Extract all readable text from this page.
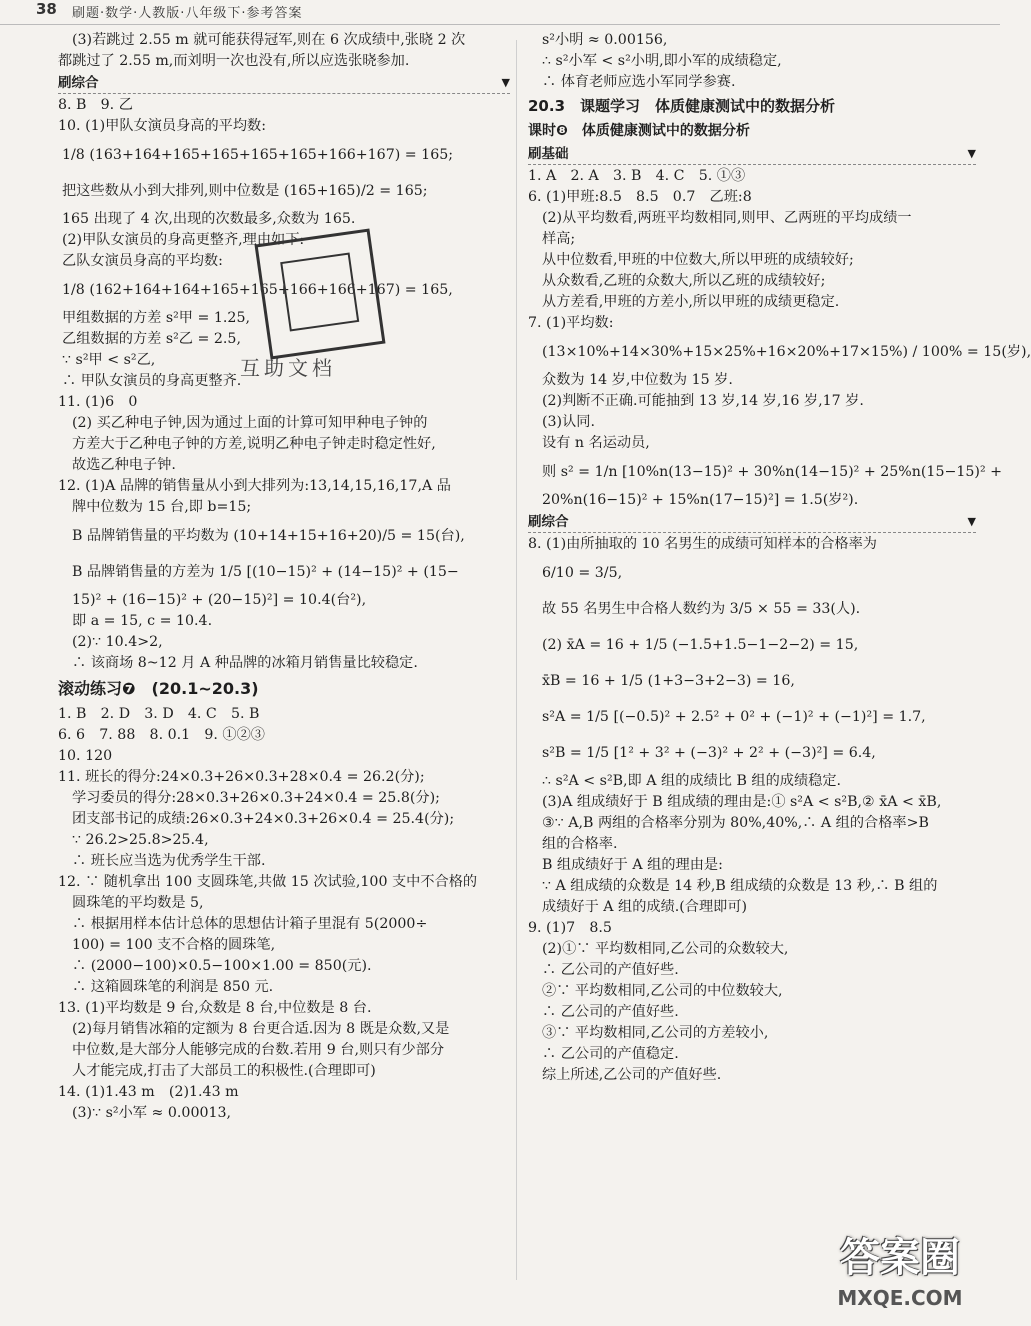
38 刷题·数学·人教版·八年级下·参考答案
(3)若跳过 2.55 m 就可能获得冠军,则在 6 次成绩中,张晓 2 次
都跳过了 2.55 m,而刘明一次也没有,所以应选张晓参加.
刷综合	▼
8. B　9. 乙
10. (1)甲队女演员身高的平均数:
1/8 (163+164+165+165+165+165+166+167) = 165;
把这些数从小到大排列,则中位数是 (165+165)/2 = 165;
165 出现了 4 次,出现的次数最多,众数为 165.
(2)甲队女演员的身高更整齐,理由如下:
乙队女演员身高的平均数:
1/8 (162+164+164+165+165+166+166+167) = 165,
甲组数据的方差 s²甲 = 1.25,
乙组数据的方差 s²乙 = 2.5,
∵ s²甲 < s²乙,
∴ 甲队女演员的身高更整齐.
11. (1)6　0
(2) 买乙种电子钟,因为通过上面的计算可知甲种电子钟的
方差大于乙种电子钟的方差,说明乙种电子钟走时稳定性好,
故选乙种电子钟.
12. (1)A 品牌的销售量从小到大排列为:13,14,15,16,17,A 品
牌中位数为 15 台,即 b=15;
B 品牌销售量的平均数为 (10+14+15+16+20)/5 = 15(台),
B 品牌销售量的方差为 1/5 [(10−15)² + (14−15)² + (15−
15)² + (16−15)² + (20−15)²] = 10.4(台²),
即 a = 15, c = 10.4.
(2)∵ 10.4>2,
∴ 该商场 8~12 月 A 种品牌的冰箱月销售量比较稳定.
滚动练习❼　(20.1~20.3)
1. B　2. D　3. D　4. C　5. B
6. 6　7. 88　8. 0.1　9. ①②③
10. 120
11. 班长的得分:24×0.3+26×0.3+28×0.4 = 26.2(分);
学习委员的得分:28×0.3+26×0.3+24×0.4 = 25.8(分);
团支部书记的成绩:26×0.3+24×0.3+26×0.4 = 25.4(分);
∵ 26.2>25.8>25.4,
∴ 班长应当选为优秀学生干部.
12. ∵ 随机拿出 100 支圆珠笔,共做 15 次试验,100 支中不合格的
圆珠笔的平均数是 5,
∴ 根据用样本估计总体的思想估计箱子里混有 5(2000÷
100) = 100 支不合格的圆珠笔,
∴ (2000−100)×0.5−100×1.00 = 850(元).
∴ 这箱圆珠笔的利润是 850 元.
13. (1)平均数是 9 台,众数是 8 台,中位数是 8 台.
(2)每月销售冰箱的定额为 8 台更合适.因为 8 既是众数,又是
中位数,是大部分人能够完成的台数.若用 9 台,则只有少部分
人才能完成,打击了大部员工的积极性.(合理即可)
14. (1)1.43 m　(2)1.43 m
(3)∵ s²小军 ≈ 0.00013,
s²小明 ≈ 0.00156,
∴ s²小军 < s²小明,即小军的成绩稳定,
∴ 体育老师应选小军同学参赛.
20.3　课题学习　体质健康测试中的数据分析
课时❽　体质健康测试中的数据分析
刷基础	▼
1. A　2. A　3. B　4. C　5. ①③
6. (1)甲班:8.5　8.5　0.7　乙班:8
(2)从平均数看,两班平均数相同,则甲、乙两班的平均成绩一
样高;
从中位数看,甲班的中位数大,所以甲班的成绩较好;
从众数看,乙班的众数大,所以乙班的成绩较好;
从方差看,甲班的方差小,所以甲班的成绩更稳定.
7. (1)平均数:
(13×10%+14×30%+15×25%+16×20%+17×15%) / 100% = 15(岁),
众数为 14 岁,中位数为 15 岁.
(2)判断不正确.可能抽到 13 岁,14 岁,16 岁,17 岁.
(3)认同.
设有 n 名运动员,
则 s² = 1/n [10%n(13−15)² + 30%n(14−15)² + 25%n(15−15)² +
20%n(16−15)² + 15%n(17−15)²] = 1.5(岁²).
刷综合	▼
8. (1)由所抽取的 10 名男生的成绩可知样本的合格率为
6/10 = 3/5,
故 55 名男生中合格人数约为 3/5 × 55 = 33(人).
(2) x̄A = 16 + 1/5 (−1.5+1.5−1−2−2) = 15,
x̄B = 16 + 1/5 (1+3−3+2−3) = 16,
s²A = 1/5 [(−0.5)² + 2.5² + 0² + (−1)² + (−1)²] = 1.7,
s²B = 1/5 [1² + 3² + (−3)² + 2² + (−3)²] = 6.4,
∴ s²A < s²B,即 A 组的成绩比 B 组的成绩稳定.
(3)A 组成绩好于 B 组成绩的理由是:① s²A < s²B,② x̄A < x̄B,
③∵ A,B 两组的合格率分别为 80%,40%,∴ A 组的合格率>B
组的合格率.
B 组成绩好于 A 组的理由是:
∵ A 组成绩的众数是 14 秒,B 组成绩的众数是 13 秒,∴ B 组的
成绩好于 A 组的成绩.(合理即可)
9. (1)7　8.5
(2)①∵ 平均数相同,乙公司的众数较大,
∴ 乙公司的产值好些.
②∵ 平均数相同,乙公司的中位数较大,
∴ 乙公司的产值好些.
③∵ 平均数相同,乙公司的方差较小,
∴ 乙公司的产值稳定.
综上所述,乙公司的产值好些.
互助文档
答案圈
MXQE.COM
